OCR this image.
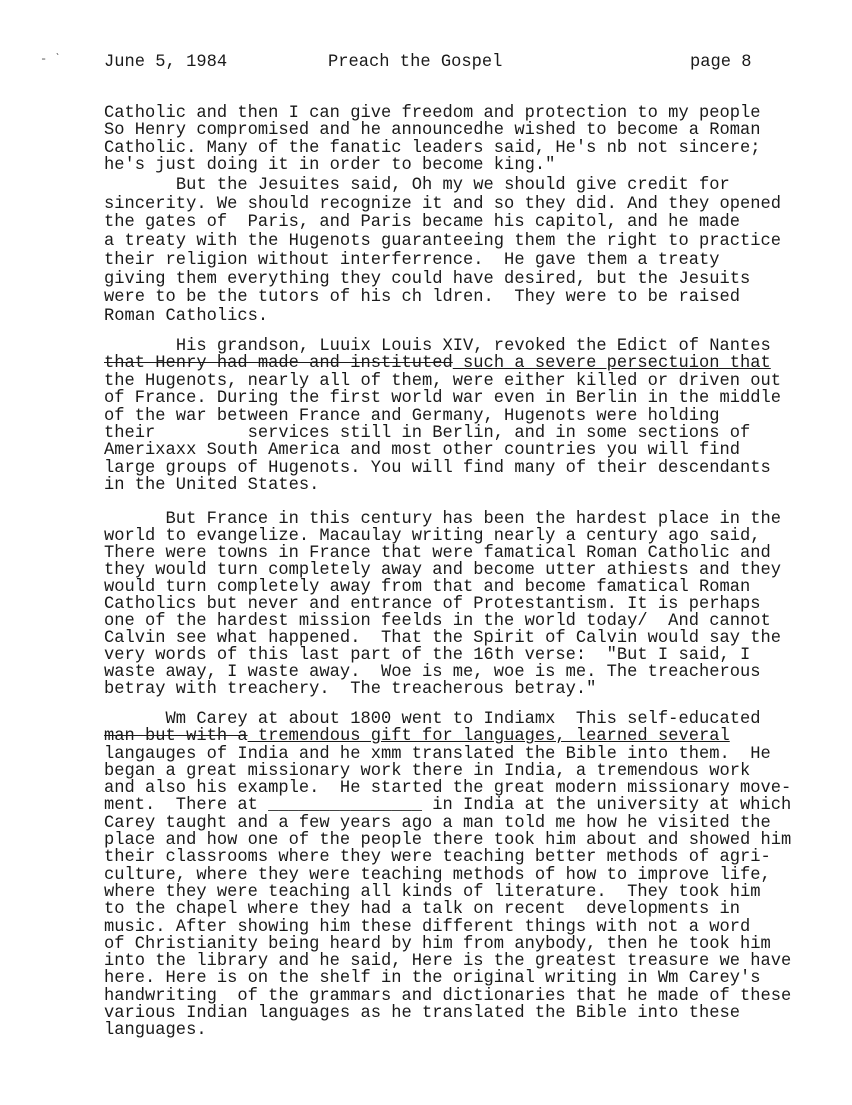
- ˋ June 5, 1984	Preach the Gospel	page 8
Catholic and then I can give freedom and protection to my people
So Henry compromised and he announcedhe wished to become a Roman
Catholic. Many of the fanatic leaders said, He's nb not sincere;
he's just doing it in order to become king."
But the Jesuites said, Oh my we should give credit for
sincerity. We should recognize it and so they did. And they opened
the gates of  Paris, and Paris became his capitol, and he made
a treaty with the Hugenots guaranteeing them the right to practice
their religion without interferrence.  He gave them a treaty
giving them everything they could have desired, but the Jesuits
were to be the tutors of his ch ldren.  They were to be raised
Roman Catholics.
His grandson, Luuix Louis XIV, revoked the Edict of Nantes
that Henry had made and instituted such a severe persectuion that
the Hugenots, nearly all of them, were either killed or driven out
of France. During the first world war even in Berlin in the middle
of the war between France and Germany, Hugenots were holding
their         services still in Berlin, and in some sections of
Amerixaxx South America and most other countries you will find
large groups of Hugenots. You will find many of their descendants
in the United States.
But France in this century has been the hardest place in the
world to evangelize. Macaulay writing nearly a century ago said,
There were towns in France that were famatical Roman Catholic and
they would turn completely away and become utter athiests and they
would turn completely away from that and become famatical Roman
Catholics but never and entrance of Protestantism. It is perhaps
one of the hardest mission feelds in the world today/  And cannot
Calvin see what happened.  That the Spirit of Calvin would say the
very words of this last part of the 16th verse:  "But I said, I
waste away, I waste away.  Woe is me, woe is me. The treacherous
betray with treachery.  The treacherous betray."
Wm Carey at about 1800 went to Indiamx  This self-educated
man but with a tremendous gift for languages, learned several
langauges of India and he xmm translated the Bible into them.  He
began a great missionary work there in India, a tremendous work
and also his example.  He started the great modern missionary move-
ment.  There at _______________ in India at the university at which
Carey taught and a few years ago a man told me how he visited the
place and how one of the people there took him about and showed him
their classrooms where they were teaching better methods of agri-
culture, where they were teaching methods of how to improve life,
where they were teaching all kinds of literature.  They took him
to the chapel where they had a talk on recent  developments in
music. After showing him these different things with not a word
of Christianity being heard by him from anybody, then he took him
into the library and he said, Here is the greatest treasure we have
here. Here is on the shelf in the original writing in Wm Carey's
handwriting  of the grammars and dictionaries that he made of these
various Indian languages as he translated the Bible into these
languages.
